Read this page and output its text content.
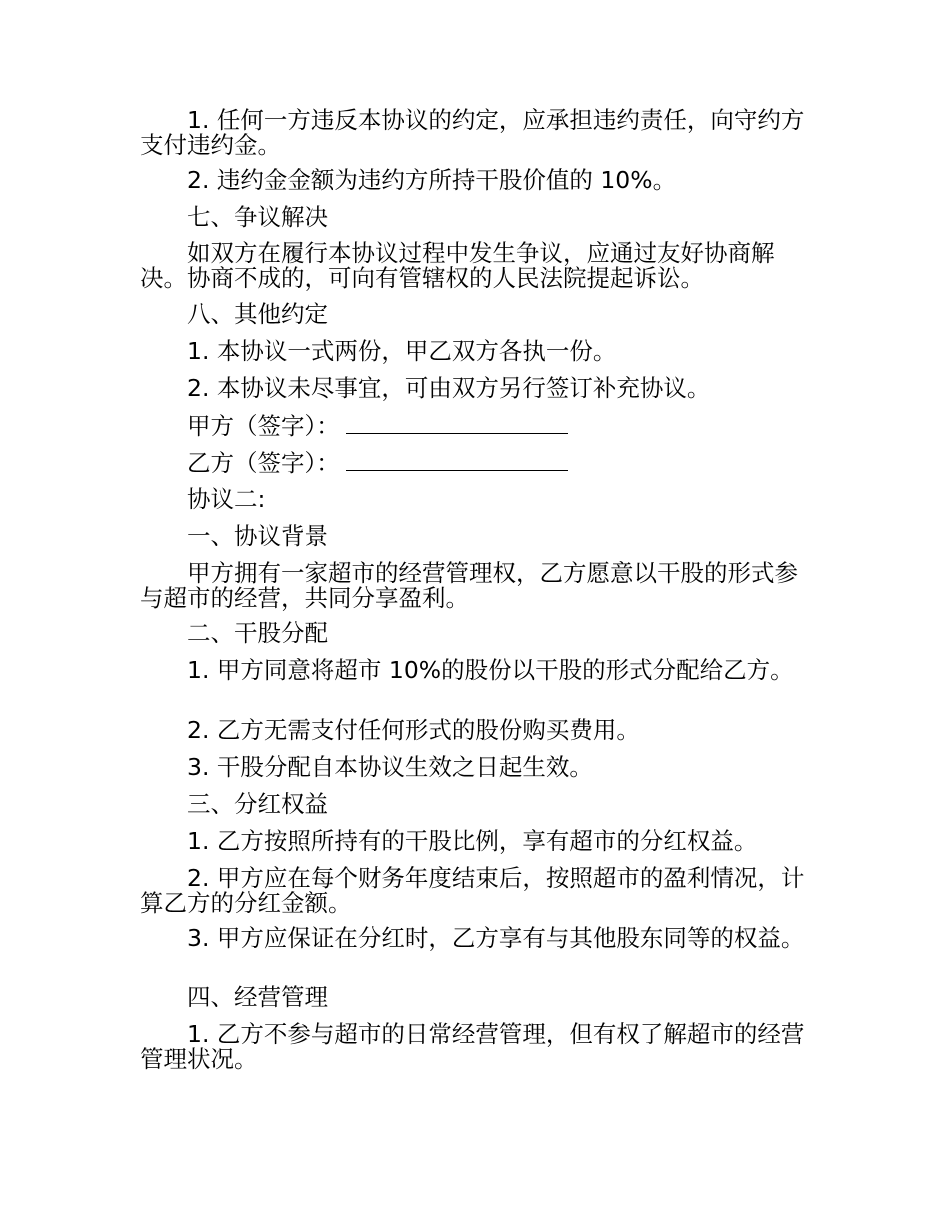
1. 任何一方违反本协议的约定，应承担违约责任，向守约方支付违约金。

2. 违约金金额为违约方所持干股价值的 10%。

七、争议解决

如双方在履行本协议过程中发生争议，应通过友好协商解决。协商不成的，可向有管辖权的人民法院提起诉讼。

八、其他约定

1. 本协议一式两份，甲乙双方各执一份。

2. 本协议未尽事宜，可由双方另行签订补充协议。

甲方（签字）：

乙方（签字）：

协议二:

一、协议背景

甲方拥有一家超市的经营管理权，乙方愿意以干股的形式参与超市的经营，共同分享盈利。

二、干股分配

1. 甲方同意将超市 10%的股份以干股的形式分配给乙方。

2. 乙方无需支付任何形式的股份购买费用。

3. 干股分配自本协议生效之日起生效。

三、分红权益

1. 乙方按照所持有的干股比例，享有超市的分红权益。

2. 甲方应在每个财务年度结束后，按照超市的盈利情况，计算乙方的分红金额。

3. 甲方应保证在分红时，乙方享有与其他股东同等的权益。

四、经营管理

1. 乙方不参与超市的日常经营管理，但有权了解超市的经营管理状况。
